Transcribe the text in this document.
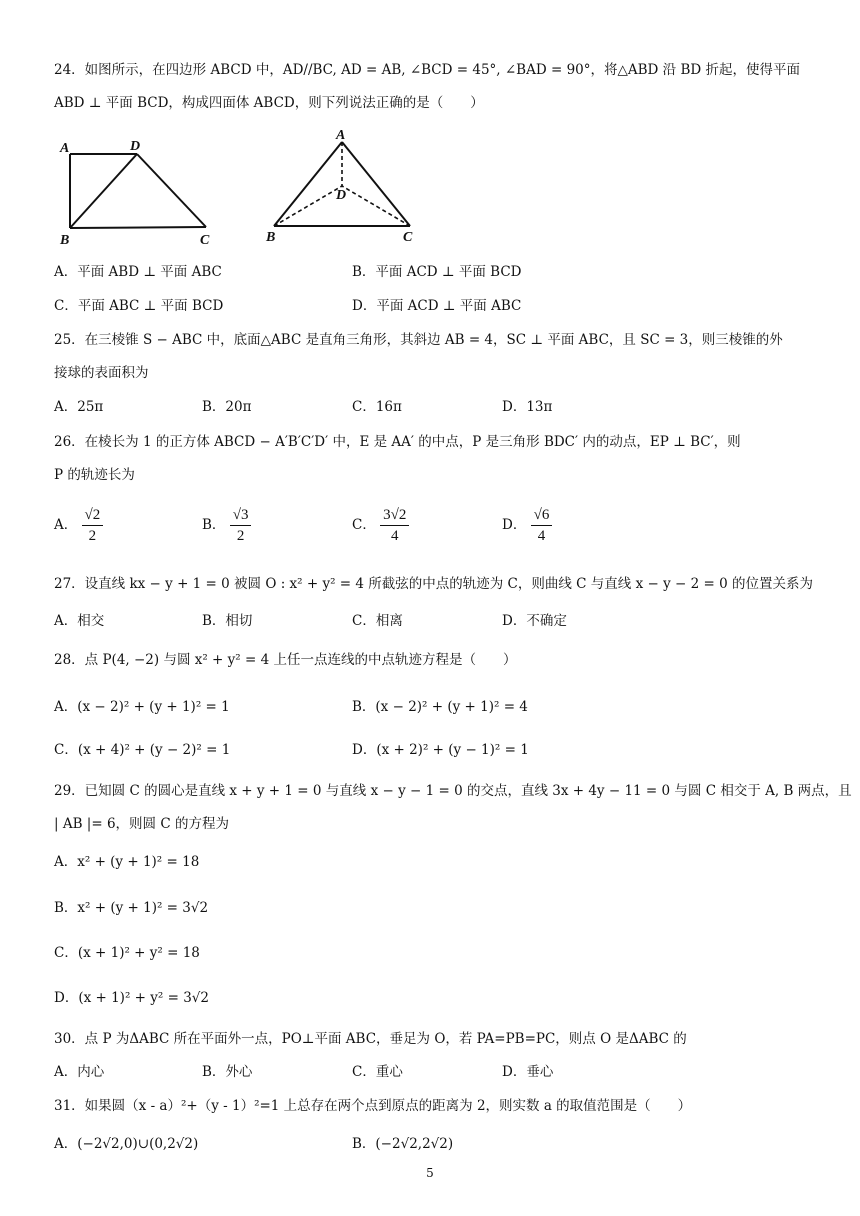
24．如图所示，在四边形 ABCD 中，AD//BC, AD = AB, ∠BCD = 45°, ∠BAD = 90°，将△ABD 沿 BD 折起，使得平面
ABD ⊥ 平面 BCD，构成四面体 ABCD，则下列说法正确的是（　　）
A	D
B	C
A
D
B	C
A．平面 ABD ⊥ 平面 ABC	B．平面 ACD ⊥ 平面 BCD
C．平面 ABC ⊥ 平面 BCD	D．平面 ACD ⊥ 平面 ABC
25．在三棱锥 S − ABC 中，底面△ABC 是直角三角形，其斜边 AB = 4，SC ⊥ 平面 ABC，且 SC = 3，则三棱锥的外
接球的表面积为
A．25π	B．20π	C．16π	D．13π
26．在棱长为 1 的正方体 ABCD − A′B′C′D′ 中，E 是 AA′ 的中点，P 是三角形 BDC′ 内的动点，EP ⊥ BC′，则
P 的轨迹长为
A． $\frac{√2}{2}$	B． $\frac{√3}{2}$	C． $\frac{3√2}{4}$	D． $\frac{√6}{4}$
27．设直线 kx − y + 1 = 0 被圆 O : x² + y² = 4 所截弦的中点的轨迹为 C，则曲线 C 与直线 x − y − 2 = 0 的位置关系为
A．相交	B．相切	C．相离	D．不确定
28．点 P(4, −2) 与圆 x² + y² = 4 上任一点连线的中点轨迹方程是（　　）
A．(x − 2)² + (y + 1)² = 1	B．(x − 2)² + (y + 1)² = 4
C．(x + 4)² + (y − 2)² = 1	D．(x + 2)² + (y − 1)² = 1
29．已知圆 C 的圆心是直线 x + y + 1 = 0 与直线 x − y − 1 = 0 的交点，直线 3x + 4y − 11 = 0 与圆 C 相交于 A, B 两点，且
| AB |= 6，则圆 C 的方程为
A．x² + (y + 1)² = 18
B．x² + (y + 1)² = 3√2
C．(x + 1)² + y² = 18
D．(x + 1)² + y² = 3√2
30．点 P 为ΔABC 所在平面外一点，PO⊥平面 ABC，垂足为 O，若 PA=PB=PC，则点 O 是ΔABC 的
A．内心	B．外心	C．重心	D．垂心
31．如果圆（x - a）²+（y - 1）²=1 上总存在两个点到原点的距离为 2，则实数 a 的取值范围是（　　）
A．(−2√2,0)∪(0,2√2)	B．(−2√2,2√2)
5
